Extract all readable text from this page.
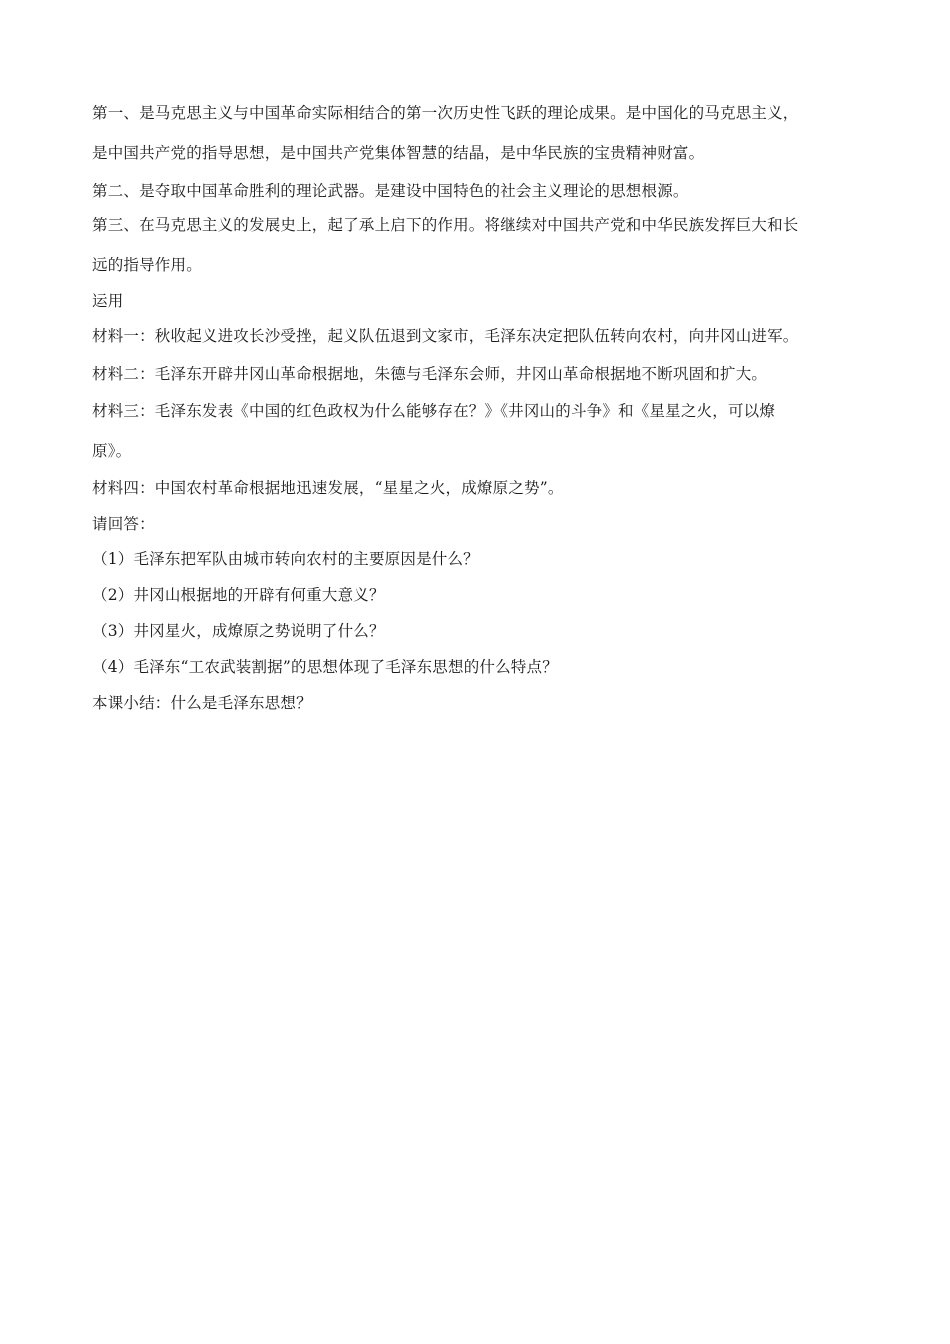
第一、是马克思主义与中国革命实际相结合的第一次历史性飞跃的理论成果。是中国化的马克思主义，
是中国共产党的指导思想，是中国共产党集体智慧的结晶，是中华民族的宝贵精神财富。
第二、是夺取中国革命胜利的理论武器。是建设中国特色的社会主义理论的思想根源。
第三、在马克思主义的发展史上，起了承上启下的作用。将继续对中国共产党和中华民族发挥巨大和长
远的指导作用。
运用
材料一：秋收起义进攻长沙受挫，起义队伍退到文家市，毛泽东决定把队伍转向农村，向井冈山进军。
材料二：毛泽东开辟井冈山革命根据地，朱德与毛泽东会师，井冈山革命根据地不断巩固和扩大。
材料三：毛泽东发表《中国的红色政权为什么能够存在？》《井冈山的斗争》和《星星之火，可以燎
原》。
材料四：中国农村革命根据地迅速发展，“星星之火，成燎原之势”。
请回答：
（1）毛泽东把军队由城市转向农村的主要原因是什么？
（2）井冈山根据地的开辟有何重大意义？
（3）井冈星火，成燎原之势说明了什么？
（4）毛泽东“工农武装割据”的思想体现了毛泽东思想的什么特点？
本课小结：什么是毛泽东思想？
